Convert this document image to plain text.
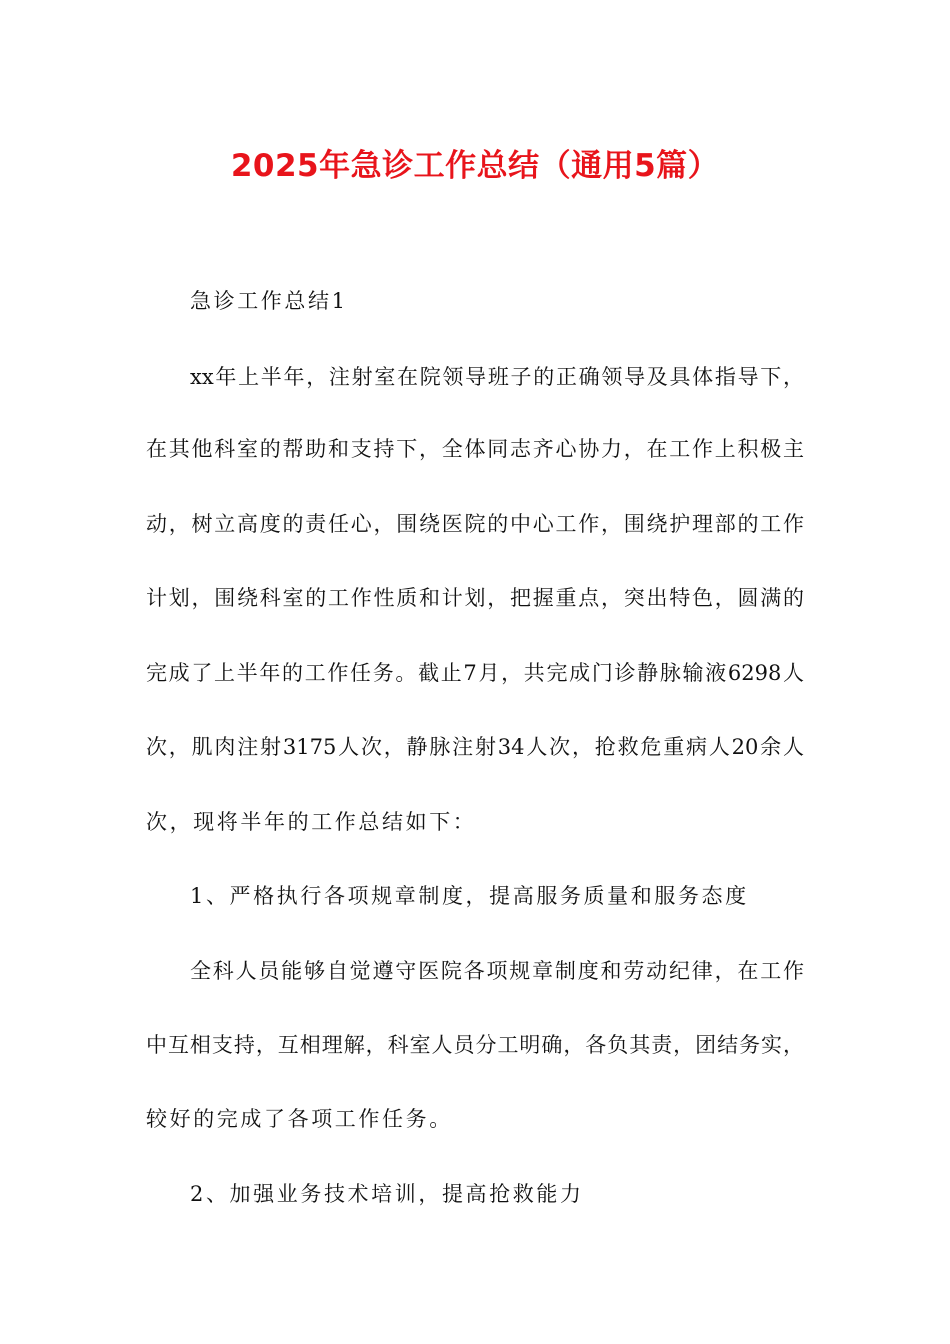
2025年急诊工作总结（通用5篇）
急诊工作总结1
xx年上半年，注射室在院领导班子的正确领导及具体指导下，
在其他科室的帮助和支持下，全体同志齐心协力，在工作上积极主
动，树立高度的责任心，围绕医院的中心工作，围绕护理部的工作
计划，围绕科室的工作性质和计划，把握重点，突出特色，圆满的
完成了上半年的工作任务。截止7月，共完成门诊静脉输液6298人
次，肌肉注射3175人次，静脉注射34人次，抢救危重病人20余人
次，现将半年的工作总结如下：
1、严格执行各项规章制度，提高服务质量和服务态度
全科人员能够自觉遵守医院各项规章制度和劳动纪律，在工作
中互相支持，互相理解，科室人员分工明确，各负其责，团结务实，
较好的完成了各项工作任务。
2、加强业务技术培训，提高抢救能力
